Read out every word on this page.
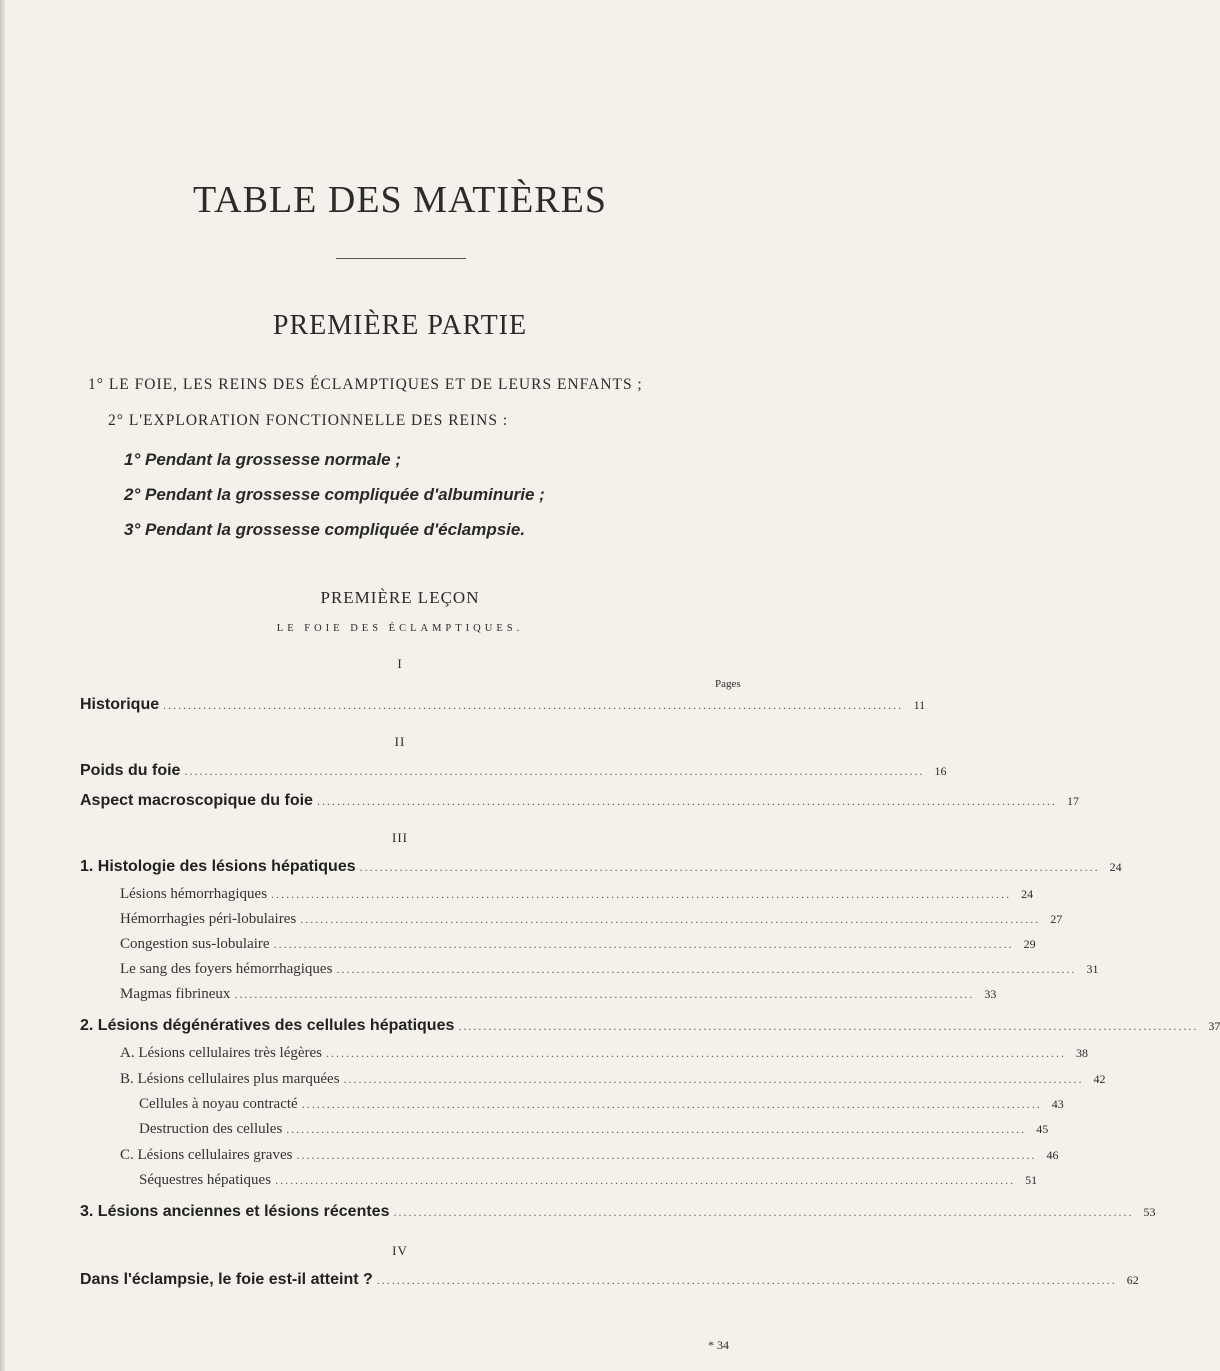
TABLE DES MATIÈRES
PREMIÈRE PARTIE
1° LE FOIE, LES REINS DES ÉCLAMPTIQUES ET DE LEURS ENFANTS ;
2° L'EXPLORATION FONCTIONNELLE DES REINS :
1° Pendant la grossesse normale ;
2° Pendant la grossesse compliquée d'albuminurie ;
3° Pendant la grossesse compliquée d'éclampsie.
PREMIÈRE LEÇON
LE FOIE DES ÉCLAMPTIQUES.
I
Pages
Historique .................................................................................................................................................... 11
II
Poids du foie .................................................................................................................................................... 16
Aspect macroscopique du foie .................................................................................................................................................... 17
III
1. Histologie des lésions hépatiques .................................................................................................................................................... 24
Lésions hémorrhagiques .................................................................................................................................................... 24
Hémorrhagies péri-lobulaires .................................................................................................................................................... 27
Congestion sus-lobulaire .................................................................................................................................................... 29
Le sang des foyers hémorrhagiques .................................................................................................................................................... 31
Magmas fibrineux .................................................................................................................................................... 33
2. Lésions dégénératives des cellules hépatiques .................................................................................................................................................... 37
A. Lésions cellulaires très légères .................................................................................................................................................... 38
B. Lésions cellulaires plus marquées .................................................................................................................................................... 42
Cellules à noyau contracté .................................................................................................................................................... 43
Destruction des cellules .................................................................................................................................................... 45
C. Lésions cellulaires graves .................................................................................................................................................... 46
Séquestres hépatiques .................................................................................................................................................... 51
3. Lésions anciennes et lésions récentes .................................................................................................................................................... 53
IV
Dans l'éclampsie, le foie est-il atteint ? .................................................................................................................................................... 62
* 34
